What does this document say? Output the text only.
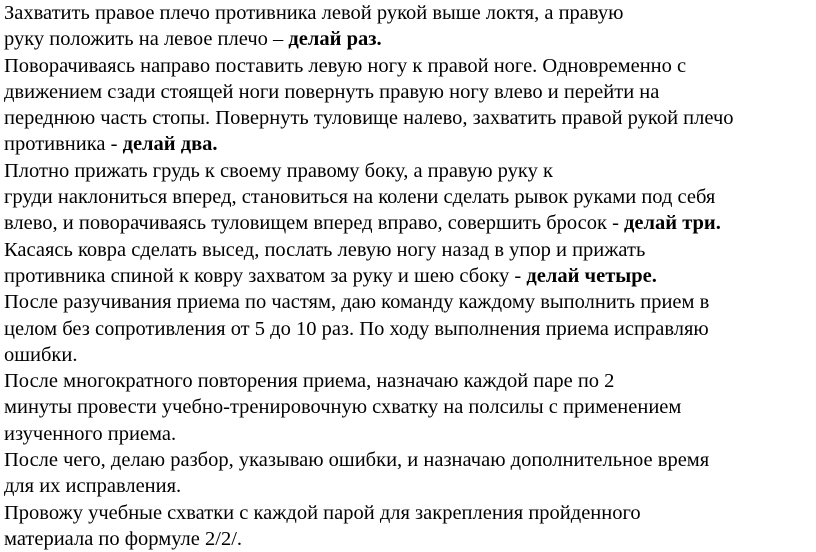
Захватить правое плечо противника левой рукой выше локтя, а правую
руку положить на левое плечо – делай раз.
Поворачиваясь направо поставить левую ногу к правой ноге. Одновременно с
движением сзади стоящей ноги повернуть правую ногу влево и перейти на
переднюю часть стопы. Повернуть туловище налево, захватить правой рукой плечо
противника - делай два.
Плотно прижать грудь к своему правому боку, а правую руку к
груди наклониться вперед, становиться на колени сделать рывок руками под себя
влево, и поворачиваясь туловищем вперед вправо, совершить бросок - делай три.
Касаясь ковра сделать высед, послать левую ногу назад в упор и прижать
противника спиной к ковру захватом за руку и шею сбоку - делай четыре.
После разучивания приема по частям, даю команду каждому выполнить прием в
целом без сопротивления от 5 до 10 раз. По ходу выполнения приема исправляю
ошибки.
После многократного повторения приема, назначаю каждой паре по 2
минуты провести учебно-тренировочную схватку на полсилы с применением
изученного приема.
После чего, делаю разбор, указываю ошибки, и назначаю дополнительное время
для их исправления.
Провожу учебные схватки с каждой парой для закрепления пройденного
материала по формуле 2/2/.
